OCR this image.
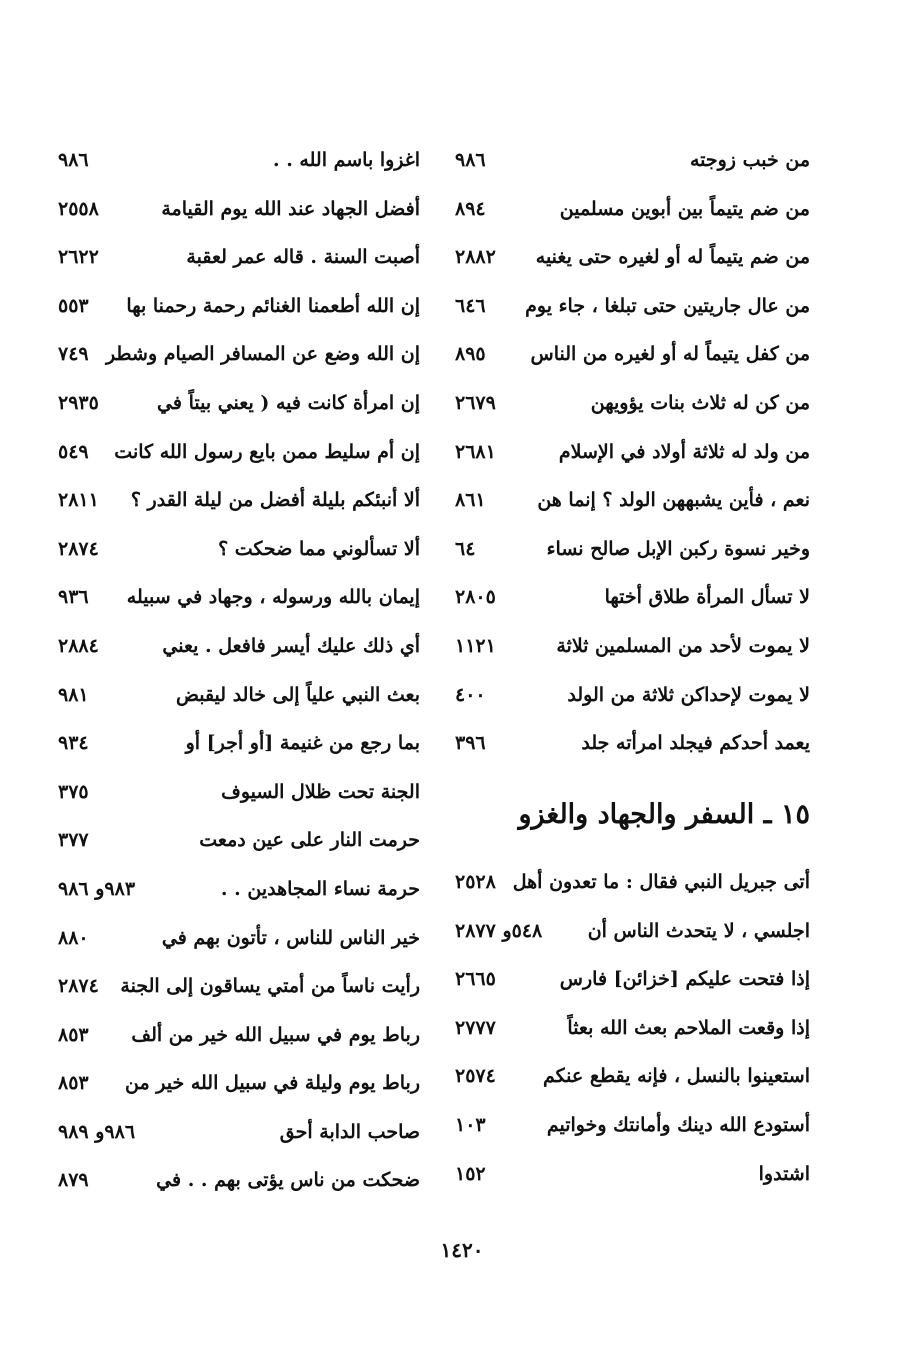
من خبب زوجته
٩٨٦
من ضم يتيماً بين أبوين مسلمين
٨٩٤
من ضم يتيماً له أو لغيره حتى يغنيه
٢٨٨٢
من عال جاريتين حتى تبلغا ، جاء يوم
٦٤٦
من كفل يتيماً له أو لغيره من الناس
٨٩٥
من كن له ثلاث بنات يؤويهن
٢٦٧٩
من ولد له ثلاثة أولاد في الإسلام
٢٦٨١
نعم ، فأين يشبههن الولد ؟ إنما هن
٨٦١
وخير نسوة ركبن الإبل صالح نساء
٦٤
لا تسأل المرأة طلاق أختها
٢٨٠٥
لا يموت لأحد من المسلمين ثلاثة
١١٢١
لا يموت لإحداكن ثلاثة من الولد
٤٠٠
يعمد أحدكم فيجلد امرأته جلد
٣٩٦
١٥ ـ السفر والجهاد والغزو
أتى جبريل النبي فقال : ما تعدون أهل
٢٥٢٨
اجلسي ، لا يتحدث الناس أن
٥٤٨و ٢٨٧٧
إذا فتحت عليكم [خزائن] فارس
٢٦٦٥
إذا وقعت الملاحم بعث الله بعثاً
٢٧٧٧
استعينوا بالنسل ، فإنه يقطع عنكم
٢٥٧٤
أستودع الله دينك وأمانتك وخواتيم
١٠٣
اشتدوا
١٥٢
اغزوا باسم الله . .
٩٨٦
أفضل الجهاد عند الله يوم القيامة
٢٥٥٨
أصبت السنة . قاله عمر لعقبة
٢٦٢٢
إن الله أطعمنا الغنائم رحمة رحمنا بها
٥٥٣
إن الله وضع عن المسافر الصيام وشطر
٧٤٩
إن امرأة كانت فيه ( يعني بيتاً في
٢٩٣٥
إن أم سليط ممن بايع رسول الله كانت
٥٤٩
ألا أنبئكم بليلة أفضل من ليلة القدر ؟
٢٨١١
ألا تسألوني مما ضحكت ؟
٢٨٧٤
إيمان بالله ورسوله ، وجهاد في سبيله
٩٣٦
أي ذلك عليك أيسر فافعل . يعني
٢٨٨٤
بعث النبي علياً إلى خالد ليقبض
٩٨١
بما رجع من غنيمة [أو أجر] أو
٩٣٤
الجنة تحت ظلال السيوف
٣٧٥
حرمت النار على عين دمعت
٣٧٧
حرمة نساء المجاهدين . .
٩٨٣و ٩٨٦
خير الناس للناس ، تأتون بهم في
٨٨٠
رأيت ناساً من أمتي يساقون إلى الجنة
٢٨٧٤
رباط يوم في سبيل الله خير من ألف
٨٥٣
رباط يوم وليلة في سبيل الله خير من
٨٥٣
صاحب الدابة أحق
٩٨٦و ٩٨٩
ضحكت من ناس يؤتى بهم . . في
٨٧٩
١٤٢٠
